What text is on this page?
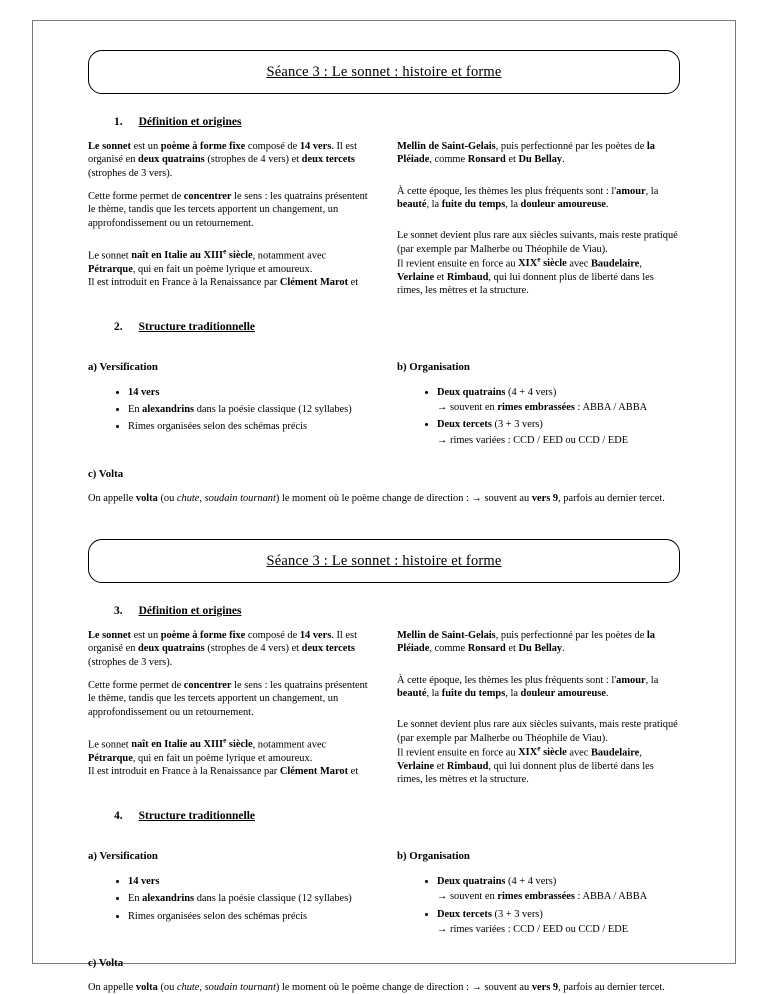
Séance 3 : Le sonnet : histoire et forme
1. Définition et origines

Le sonnet est un poème à forme fixe composé de 14 vers. Il est organisé en deux quatrains (strophes de 4 vers) et deux tercets (strophes de 3 vers).

Cette forme permet de concentrer le sens : les quatrains présentent le thème, tandis que les tercets apportent un changement, un approfondissement ou un retournement.

Le sonnet naît en Italie au XIIIe siècle, notamment avec Pétrarque, qui en fait un poème lyrique et amoureux.

Il est introduit en France à la Renaissance par Clément Marot et

Mellin de Saint-Gelais, puis perfectionné par les poètes de la Pléiade, comme Ronsard et Du Bellay.

À cette époque, les thèmes les plus fréquents sont : l'amour, la beauté, la fuite du temps, la douleur amoureuse.

Le sonnet devient plus rare aux siècles suivants, mais reste pratiqué (par exemple par Malherbe ou Théophile de Viau).

Il revient ensuite en force au XIXe siècle avec Baudelaire, Verlaine et Rimbaud, qui lui donnent plus de liberté dans les rimes, les mètres et la structure.

2. Structure traditionnelle
a) Versification
• 14 vers
• En alexandrins dans la poésie classique (12 syllabes)
• Rimes organisées selon des schémas précis
b) Organisation
• Deux quatrains (4 + 4 vers)
→ souvent en rimes embrassées : ABBA / ABBA
• Deux tercets (3 + 3 vers)
→ rimes variées : CCD / EED ou CCD / EDE
c) Volta

On appelle volta (ou chute, soudain tournant) le moment où le poème change de direction : → souvent au vers 9, parfois au dernier tercet.

Séance 3 : Le sonnet : histoire et forme
3. Définition et origines

Le sonnet est un poème à forme fixe composé de 14 vers. Il est organisé en deux quatrains (strophes de 4 vers) et deux tercets (strophes de 3 vers).

Cette forme permet de concentrer le sens : les quatrains présentent le thème, tandis que les tercets apportent un changement, un approfondissement ou un retournement.

Le sonnet naît en Italie au XIIIe siècle, notamment avec Pétrarque, qui en fait un poème lyrique et amoureux.

Il est introduit en France à la Renaissance par Clément Marot et

Mellin de Saint-Gelais, puis perfectionné par les poètes de la Pléiade, comme Ronsard et Du Bellay.

À cette époque, les thèmes les plus fréquents sont : l'amour, la beauté, la fuite du temps, la douleur amoureuse.

Le sonnet devient plus rare aux siècles suivants, mais reste pratiqué (par exemple par Malherbe ou Théophile de Viau).

Il revient ensuite en force au XIXe siècle avec Baudelaire, Verlaine et Rimbaud, qui lui donnent plus de liberté dans les rimes, les mètres et la structure.

4. Structure traditionnelle
a) Versification
• 14 vers
• En alexandrins dans la poésie classique (12 syllabes)
• Rimes organisées selon des schémas précis
b) Organisation
• Deux quatrains (4 + 4 vers)
→ souvent en rimes embrassées : ABBA / ABBA
• Deux tercets (3 + 3 vers)
→ rimes variées : CCD / EED ou CCD / EDE
c) Volta

On appelle volta (ou chute, soudain tournant) le moment où le poème change de direction : → souvent au vers 9, parfois au dernier tercet.
